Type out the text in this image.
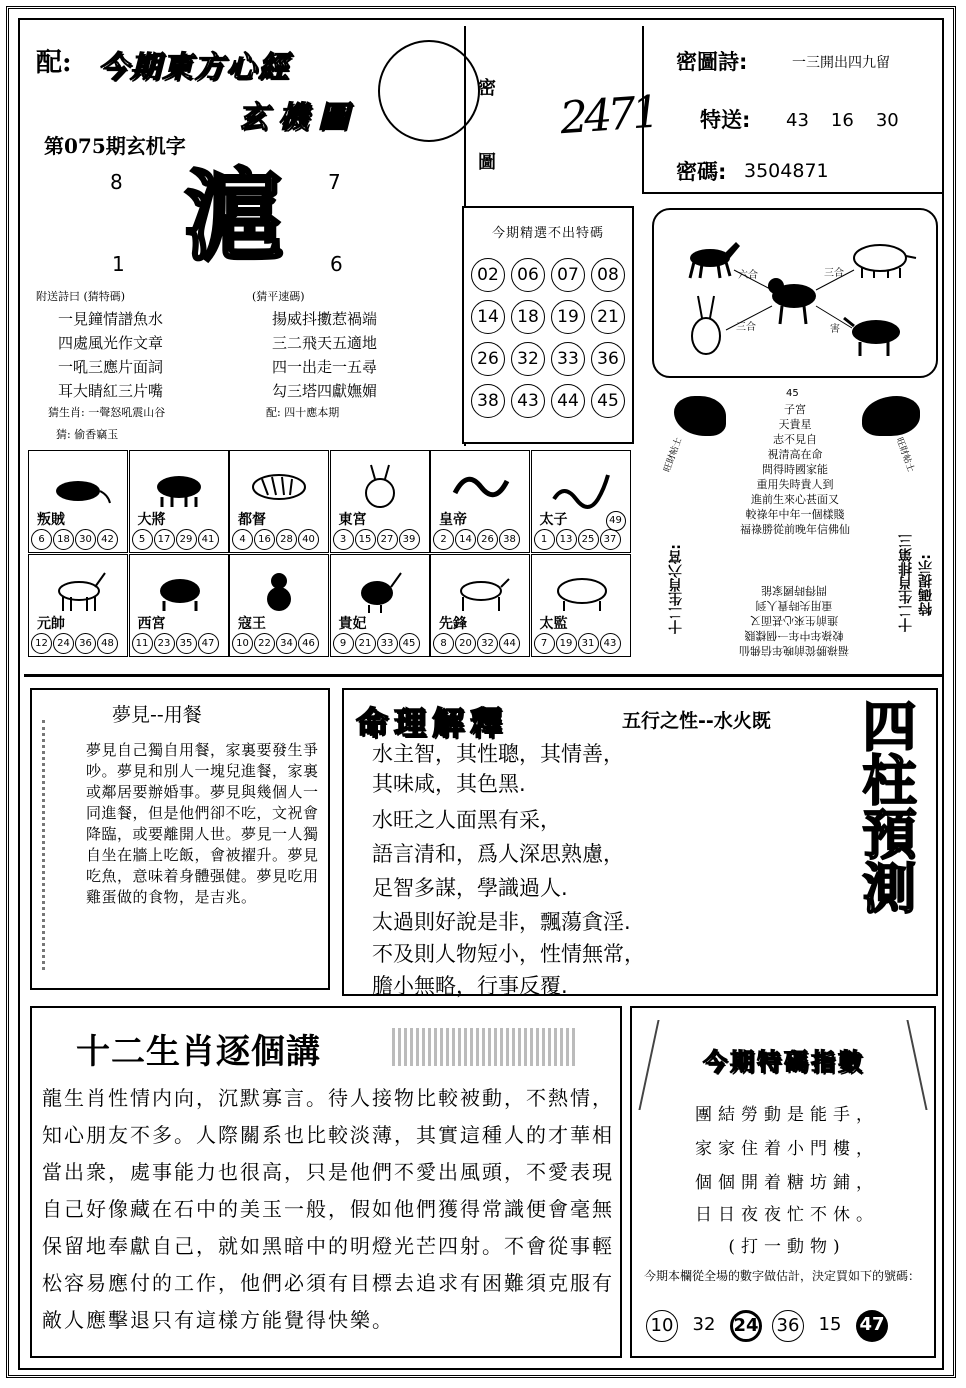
配: 今期東方心經
玄機圖
第075期玄机字
8	7
1	6
滬
附送詩曰 (猜特碼)	(猜平速碼)
一見鐘情譜魚水
四處風光作文章
一吼三應片面詞
耳大睛紅三片嘴
揚威抖擻惹禍端
三二飛天五適地
四一出走一五尋
勾三塔四獻嫵媚
猜生肖: 一聲怒吼震山谷	配: 四十應本期
猜: 偷香竊玉
密
圖
2471
密圖詩:	一三開出四九留
特送: 43 16 30
密碼: 3504871
今期精選不出特碼
02	06	07	08
14	18	19	21
26	32	33	36
38	43	44	45
六合	三合
三合	害
叛賊
6	18 30 42
大將
5	17 29 41
都督
4	16 28 40
東宮
3	15 27 39
皇帝
2	14 26 38
太子
1	13 25 37
49
元帥
12 24 36 48
西宮
11 23 35 47
寇王
10 22 34 46
貴妃
9	21 33 45
先鋒
8	20 32 44
太監
7	19 31 43
45
旺財帖士	旺財帖士
子宮
天貴星
志不見自
視清高在命
問得時國家能
重用失時貴人到
進前生來心甚面又
較祿年中年一個樣賤
福祿勝從前晚年信佛仙
福祿勝從前晚年信佛仙
較祿年中年一個樣賤
進前生來心甚面又
重用失時貴人到
問得時國家能
十二生肖六宮:	十二生肖排第三 特碼提示:
夢見--用餐
夢見自己獨自用餐，家裏要發生爭吵。夢見和別人一塊兒進餐，家裏或鄰居要辦婚事。夢見與幾個人一同進餐，但是他們卻不吃，文祝會降臨，或要離開人世。夢見一人獨自坐在牆上吃飯，會被擢升。夢見吃魚，意味着身體强健。夢見吃用雞蛋做的食物，是吉兆。
命理解釋	五行之性--水火既 四柱預測
水主智，其性聰，其情善，
其味咸，其色黑.
水旺之人面黑有采，
語言清和，爲人深思熟慮，
足智多謀，學識過人.
太過則好說是非，飄蕩貪淫.
不及則人物短小，性情無常，
膽小無略，行事反覆.
十二生肖逐個講
龍生肖性情内向，沉默寡言。待人接物比較被動，不熱情，知心朋友不多。人際關系也比較淡薄，其實這種人的才華相當出衆，處事能力也很高，只是他們不愛出風頭，不愛表現自己好像藏在石中的美玉一般，假如他們獲得常識便會毫無保留地奉獻自己，就如黑暗中的明燈光芒四射。不會從事輕松容易應付的工作，他們必須有目標去追求有困難須克服有敵人應擊退只有這樣方能覺得快樂。
今期特碼指數
團結勞動是能手，
家家住着小門樓，
個個開着糖坊鋪，
日日夜夜忙不休。
(打一動物)
今期本欄從全場的數字做估計，決定買如下的號碼：
10 32 24 36 15 47
